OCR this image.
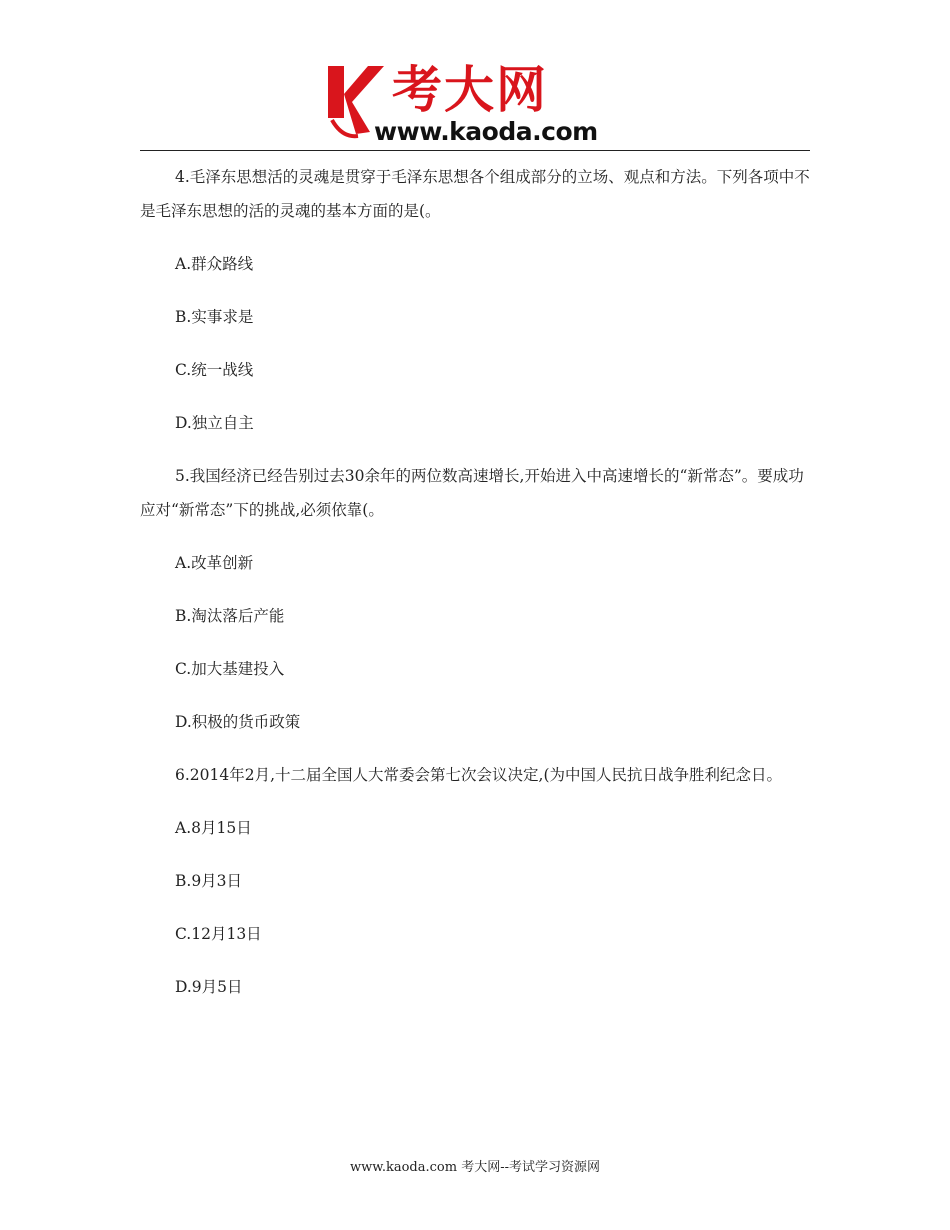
考大网
www.kaoda.com

4.毛泽东思想活的灵魂是贯穿于毛泽东思想各个组成部分的立场、观点和方法。下列各项中不是毛泽东思想的活的灵魂的基本方面的是(。

A.群众路线

B.实事求是

C.统一战线

D.独立自主

5.我国经济已经告别过去30余年的两位数高速增长,开始进入中高速增长的“新常态”。要成功应对“新常态”下的挑战,必须依靠(。

A.改革创新

B.淘汰落后产能

C.加大基建投入

D.积极的货币政策

6.2014年2月,十二届全国人大常委会第七次会议决定,(为中国人民抗日战争胜利纪念日。

A.8月15日

B.9月3日

C.12月13日

D.9月5日

www.kaoda.com 考大网--考试学习资源网
